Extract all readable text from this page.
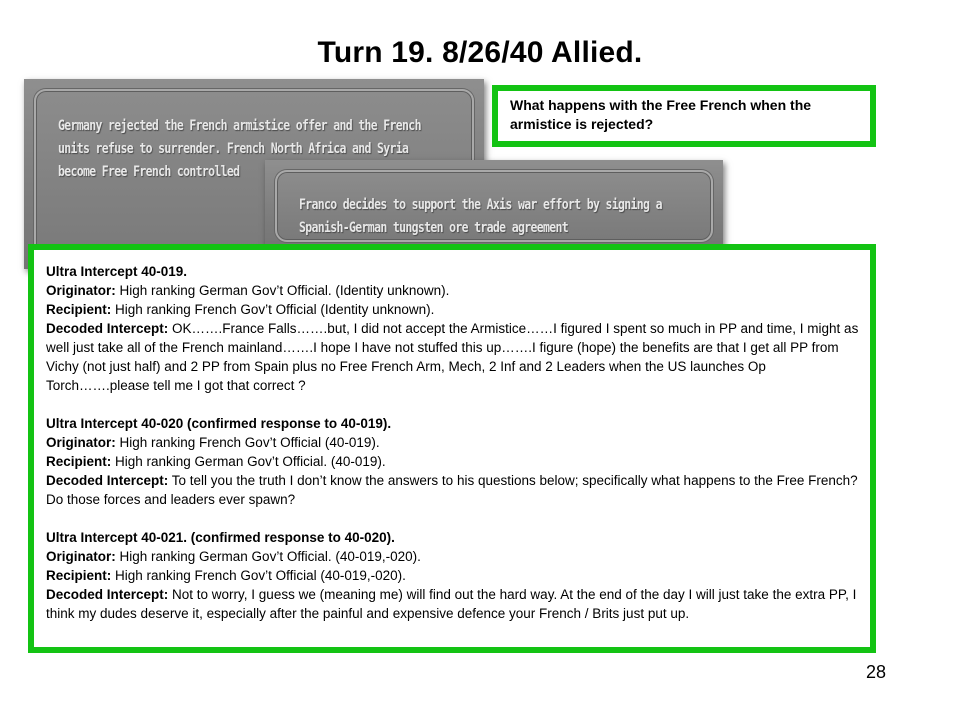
Turn 19. 8/26/40 Allied.
Germany rejected the French armistice offer and the French
units refuse to surrender. French North Africa and Syria
become Free French controlled
Franco decides to support the Axis war effort by signing a
Spanish-German tungsten ore trade agreement
What happens with the Free French when the armistice is rejected?

Ultra Intercept 40-019.

Originator: High ranking German Gov’t Official. (Identity unknown).

Recipient: High ranking French Gov’t Official (Identity unknown).

Decoded Intercept: OK…….France Falls…….but, I did not accept the Armistice……I figured I spent so much in PP and time, I might as well just take all of the French mainland…….I hope I have not stuffed this up…….I figure (hope) the benefits are that I get all PP from Vichy (not just half) and 2 PP from Spain plus no Free French Arm, Mech, 2 Inf and 2 Leaders when the US launches Op Torch…….please tell me I got that correct ?

Ultra Intercept 40-020 (confirmed response to 40-019).

Originator: High ranking French Gov’t Official (40-019).

Recipient: High ranking German Gov’t Official. (40-019).

Decoded Intercept: To tell you the truth I don’t know the answers to his questions below; specifically what happens to the Free French? Do those forces and leaders ever spawn?

Ultra Intercept 40-021. (confirmed response to 40-020).

Originator: High ranking German Gov’t Official. (40-019,-020).

Recipient: High ranking French Gov’t Official (40-019,-020).

Decoded Intercept: Not to worry, I guess we (meaning me) will find out the hard way. At the end of the day I will just take the extra PP, I think my dudes deserve it, especially after the painful and expensive defence your French / Brits just put up.

28
